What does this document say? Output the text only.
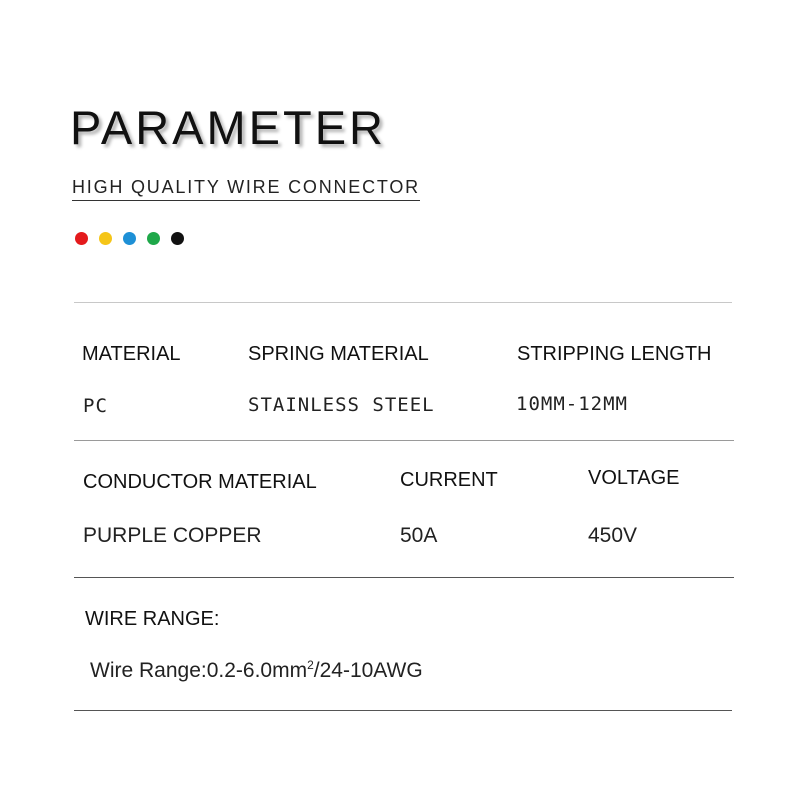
PARAMETER
HIGH QUALITY WIRE CONNECTOR
MATERIAL	SPRING MATERIAL	STRIPPING LENGTH
PC	STAINLESS STEEL	10MM-12MM
CONDUCTOR MATERIAL	CURRENT	VOLTAGE
PURPLE COPPER	50A	450V
WIRE RANGE:
Wire $Range:0.2-6.0mm^2/24-10AWG$
